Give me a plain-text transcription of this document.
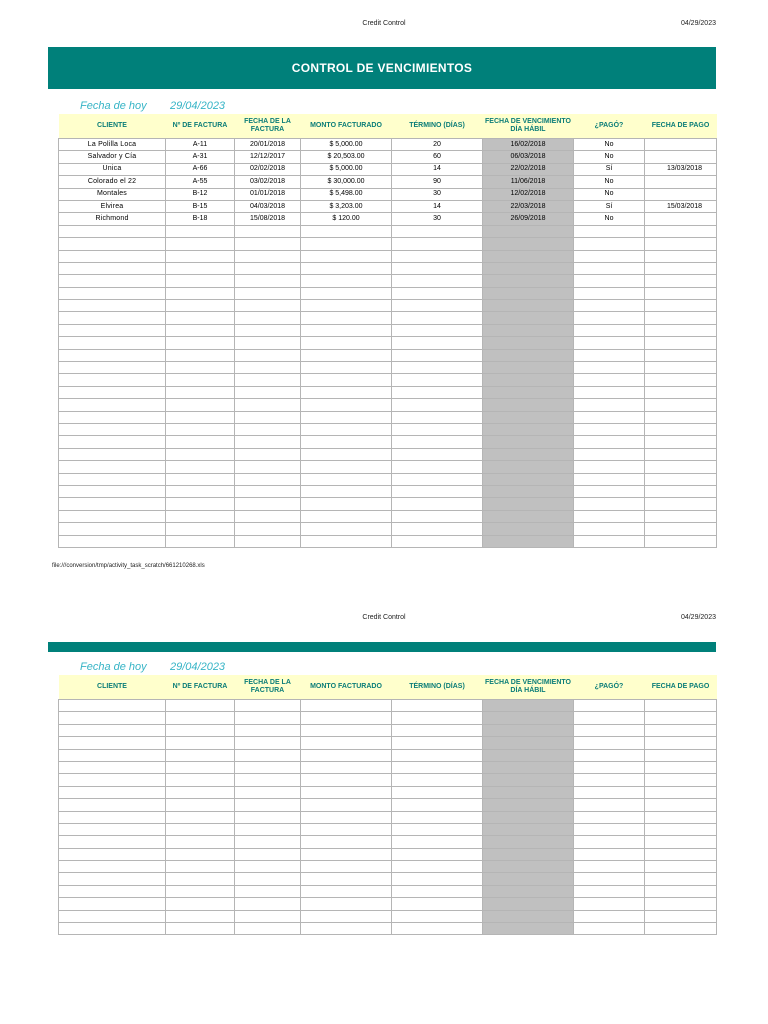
Credit Control	04/29/2023
CONTROL DE VENCIMIENTOS
Fecha de hoy 29/04/2023
CLIENTE	Nº DE FACTURA	FECHA DE LA FACTURA	MONTO FACTURADO	TÉRMINO (DÍAS)	FECHA DE VENCIMIENTO DÍA HÁBIL	¿PAGÓ?	FECHA DE PAGO
La Polilla Loca	A-11	20/01/2018	$ 5,000.00	20	16/02/2018	No	
Salvador y Cía	A-31	12/12/2017	$ 20,503.00	60	06/03/2018	No	
Unica	A-66	02/02/2018	$ 5,000.00	14	22/02/2018	Sí	13/03/2018
Colorado el 22	A-55	03/02/2018	$ 30,000.00	90	11/06/2018	No	
Montales	B-12	01/01/2018	$ 5,498.00	30	12/02/2018	No	
Elvirea	B-15	04/03/2018	$ 3,203.00	14	22/03/2018	Sí	15/03/2018
Richmond	B-18	15/08/2018	$ 120.00	30	26/09/2018	No	

file:///conversion/tmp/activity_task_scratch/661210268.xls
Credit Control	04/29/2023
Fecha de hoy 29/04/2023
CLIENTE	Nº DE FACTURA	FECHA DE LA FACTURA	MONTO FACTURADO	TÉRMINO (DÍAS)	FECHA DE VENCIMIENTO DÍA HÁBIL	¿PAGÓ?	FECHA DE PAGO
